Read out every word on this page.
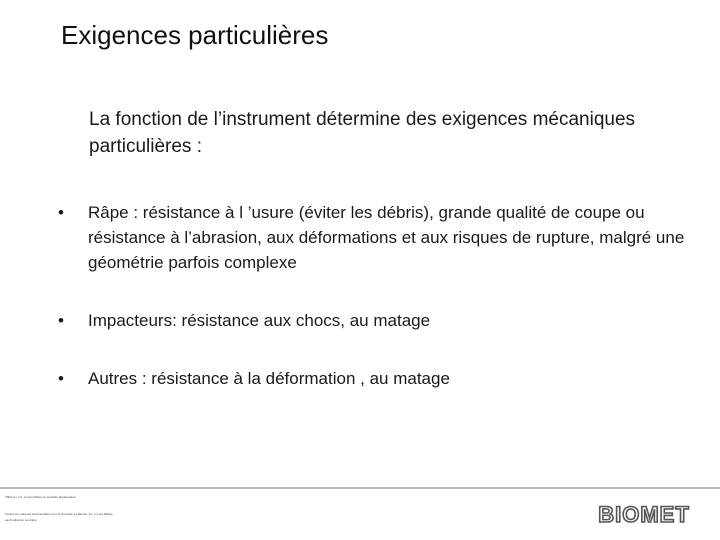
Exigences particulières
La fonction de l’instrument détermine des exigences mécaniques particulières :
•	Râpe : résistance à l ’usure (éviter les débris), grande qualité de coupe ou résistance à l’abrasion, aux déformations et aux risques de rupture, malgré une géométrie parfois complexe
•	Impacteurs: résistance aux chocs, au matage
•	Autres : résistance à la déformation , au matage
®Biomet, Inc. ou ses filiales ou sociétés apparentées.
Toutes les marques commerciales sont la propriété de Biomet, Inc. ou ses filiales,
sauf indication contraire.	BIOMET
